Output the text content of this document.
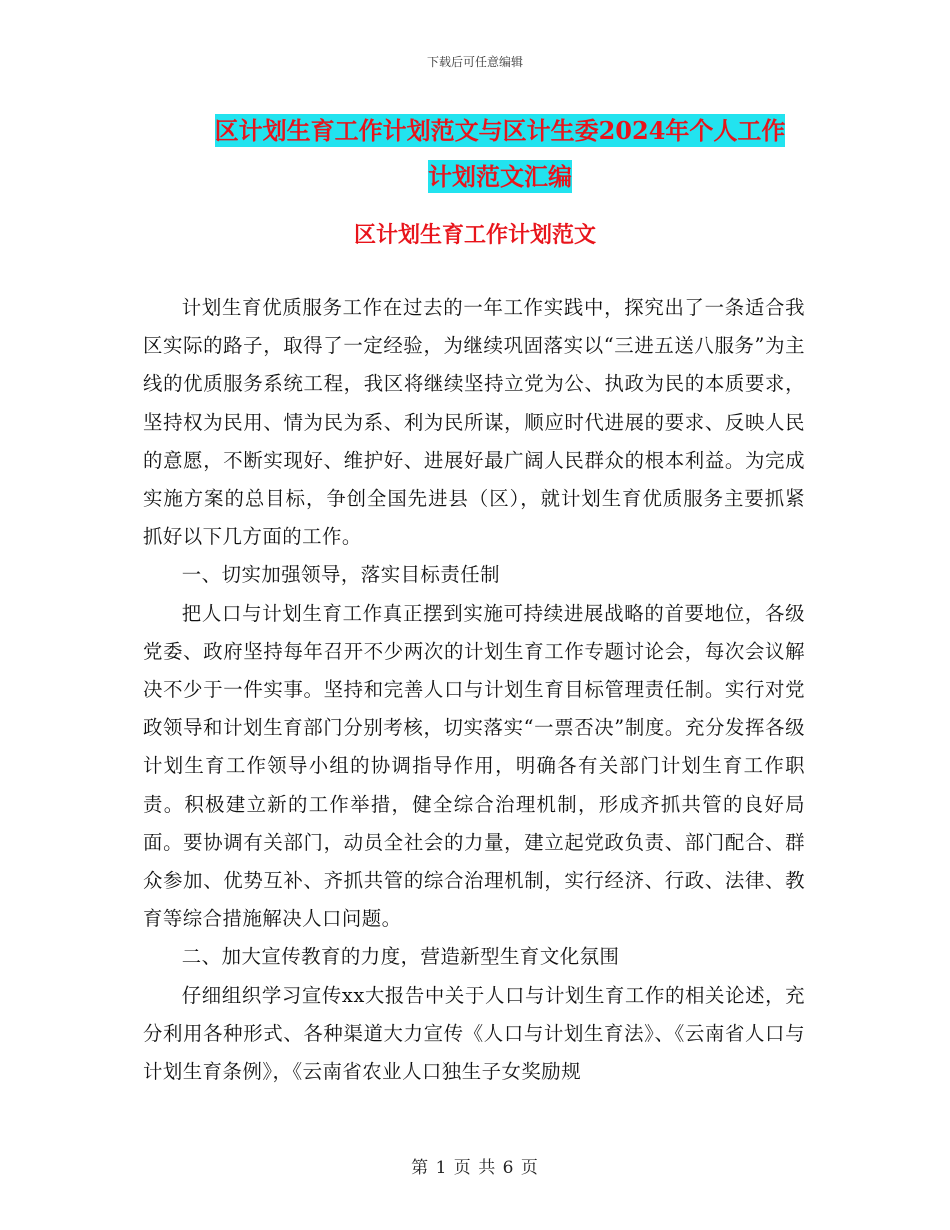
下载后可任意编辑
区计划生育工作计划范文与区计生委2024年个人工作
计划范文汇编
区计划生育工作计划范文

计划生育优质服务工作在过去的一年工作实践中，探究出了一条适合我区实际的路子，取得了一定经验，为继续巩固落实以“三进五送八服务”为主线的优质服务系统工程，我区将继续坚持立党为公、执政为民的本质要求，坚持权为民用、情为民为系、利为民所谋，顺应时代进展的要求、反映人民的意愿，不断实现好、维护好、进展好最广阔人民群众的根本利益。为完成实施方案的总目标，争创全国先进县（区），就计划生育优质服务主要抓紧抓好以下几方面的工作。

一、切实加强领导，落实目标责任制

把人口与计划生育工作真正摆到实施可持续进展战略的首要地位，各级党委、政府坚持每年召开不少两次的计划生育工作专题讨论会，每次会议解决不少于一件实事。坚持和完善人口与计划生育目标管理责任制。实行对党政领导和计划生育部门分别考核，切实落实“一票否决”制度。充分发挥各级计划生育工作领导小组的协调指导作用，明确各有关部门计划生育工作职责。积极建立新的工作举措，健全综合治理机制，形成齐抓共管的良好局面。要协调有关部门，动员全社会的力量，建立起党政负责、部门配合、群众参加、优势互补、齐抓共管的综合治理机制，实行经济、行政、法律、教育等综合措施解决人口问题。

二、加大宣传教育的力度，营造新型生育文化氛围

仔细组织学习宣传xx大报告中关于人口与计划生育工作的相关论述，充分利用各种形式、各种渠道大力宣传《人口与计划生育法》、《云南省人口与计划生育条例》，《云南省农业人口独生子女奖励规

第 1 页 共 6 页
